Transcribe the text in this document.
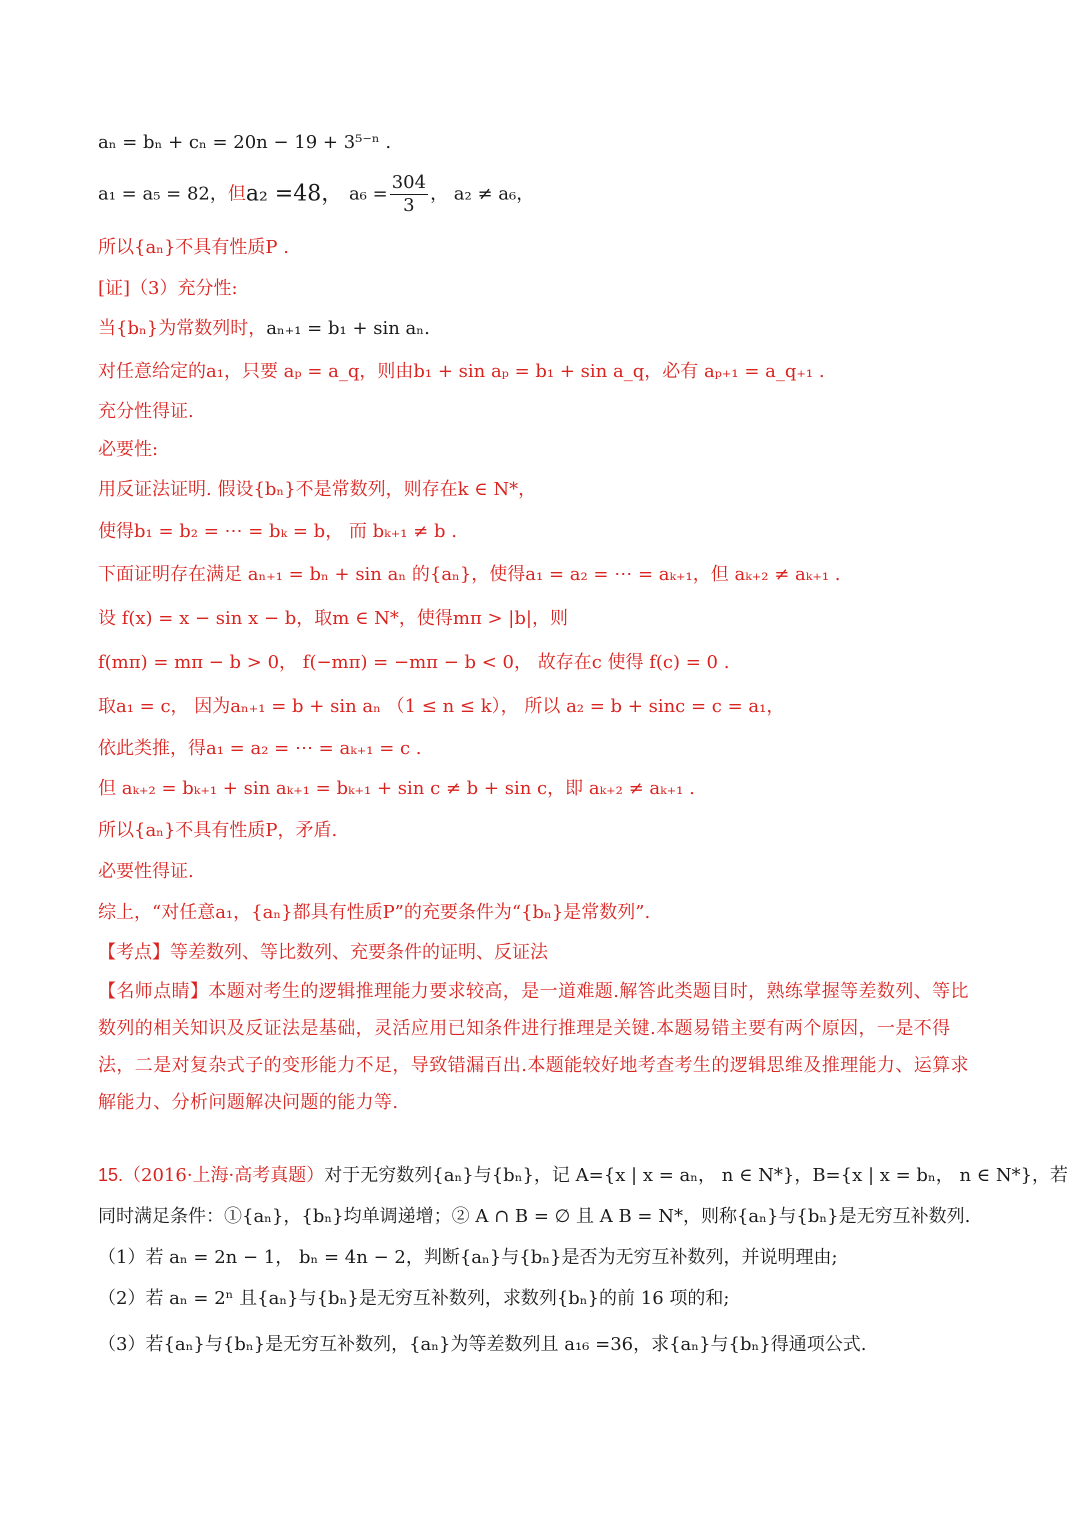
aₙ = bₙ + cₙ = 20n − 19 + 3⁵⁻ⁿ .
a₁ = a₅ = 82，但a₂ =48， $a_6 = \frac{304}{3}$ ， a₂ ≠ a₆，
所以{aₙ}不具有性质P .
[证]（3）充分性:
当{bₙ}为常数列时，aₙ₊₁ = b₁ + sin aₙ.
对任意给定的a₁，只要 aₚ = a_q，则由b₁ + sin aₚ = b₁ + sin a_q，必有 aₚ₊₁ = a_q₊₁ .
充分性得证.
必要性:
用反证法证明. 假设{bₙ}不是常数列，则存在k ∈ N*，
使得b₁ = b₂ = ⋯ = bₖ = b， 而 bₖ₊₁ ≠ b .
下面证明存在满足 aₙ₊₁ = bₙ + sin aₙ 的{aₙ}，使得a₁ = a₂ = ⋯ = aₖ₊₁，但 aₖ₊₂ ≠ aₖ₊₁ .
设 f(x) = x − sin x − b，取m ∈ N*，使得mπ > |b|，则
f(mπ) = mπ − b > 0， f(−mπ) = −mπ − b < 0， 故存在c 使得 f(c) = 0 .
取a₁ = c， 因为aₙ₊₁ = b + sin aₙ （1 ≤ n ≤ k）， 所以 a₂ = b + sinc = c = a₁，
依此类推，得a₁ = a₂ = ⋯ = aₖ₊₁ = c .
但 aₖ₊₂ = bₖ₊₁ + sin aₖ₊₁ = bₖ₊₁ + sin c ≠ b + sin c，即 aₖ₊₂ ≠ aₖ₊₁ .
所以{aₙ}不具有性质P，矛盾.
必要性得证.
综上，“对任意a₁，{aₙ}都具有性质P”的充要条件为“{bₙ}是常数列”.
【考点】等差数列、等比数列、充要条件的证明、反证法
【名师点睛】本题对考生的逻辑推理能力要求较高，是一道难题.解答此类题目时，熟练掌握等差数列、等比数列的相关知识及反证法是基础，灵活应用已知条件进行推理是关键.本题易错主要有两个原因，一是不得法，二是对复杂式子的变形能力不足，导致错漏百出.本题能较好地考查考生的逻辑思维及推理能力、运算求解能力、分析问题解决问题的能力等.
15.（2016·上海·高考真题）对于无穷数列{aₙ}与{bₙ}，记 A={x | x = aₙ， n ∈ N*}，B={x | x = bₙ， n ∈ N*}，若
同时满足条件：①{aₙ}，{bₙ}均单调递增；② A ∩ B = ∅ 且 A B = N*，则称{aₙ}与{bₙ}是无穷互补数列.
（1）若 aₙ = 2n − 1， bₙ = 4n − 2，判断{aₙ}与{bₙ}是否为无穷互补数列，并说明理由;
（2）若 aₙ = 2ⁿ 且{aₙ}与{bₙ}是无穷互补数列，求数列{bₙ}的前 16 项的和;
（3）若{aₙ}与{bₙ}是无穷互补数列，{aₙ}为等差数列且 a₁₆ =36，求{aₙ}与{bₙ}得通项公式.
